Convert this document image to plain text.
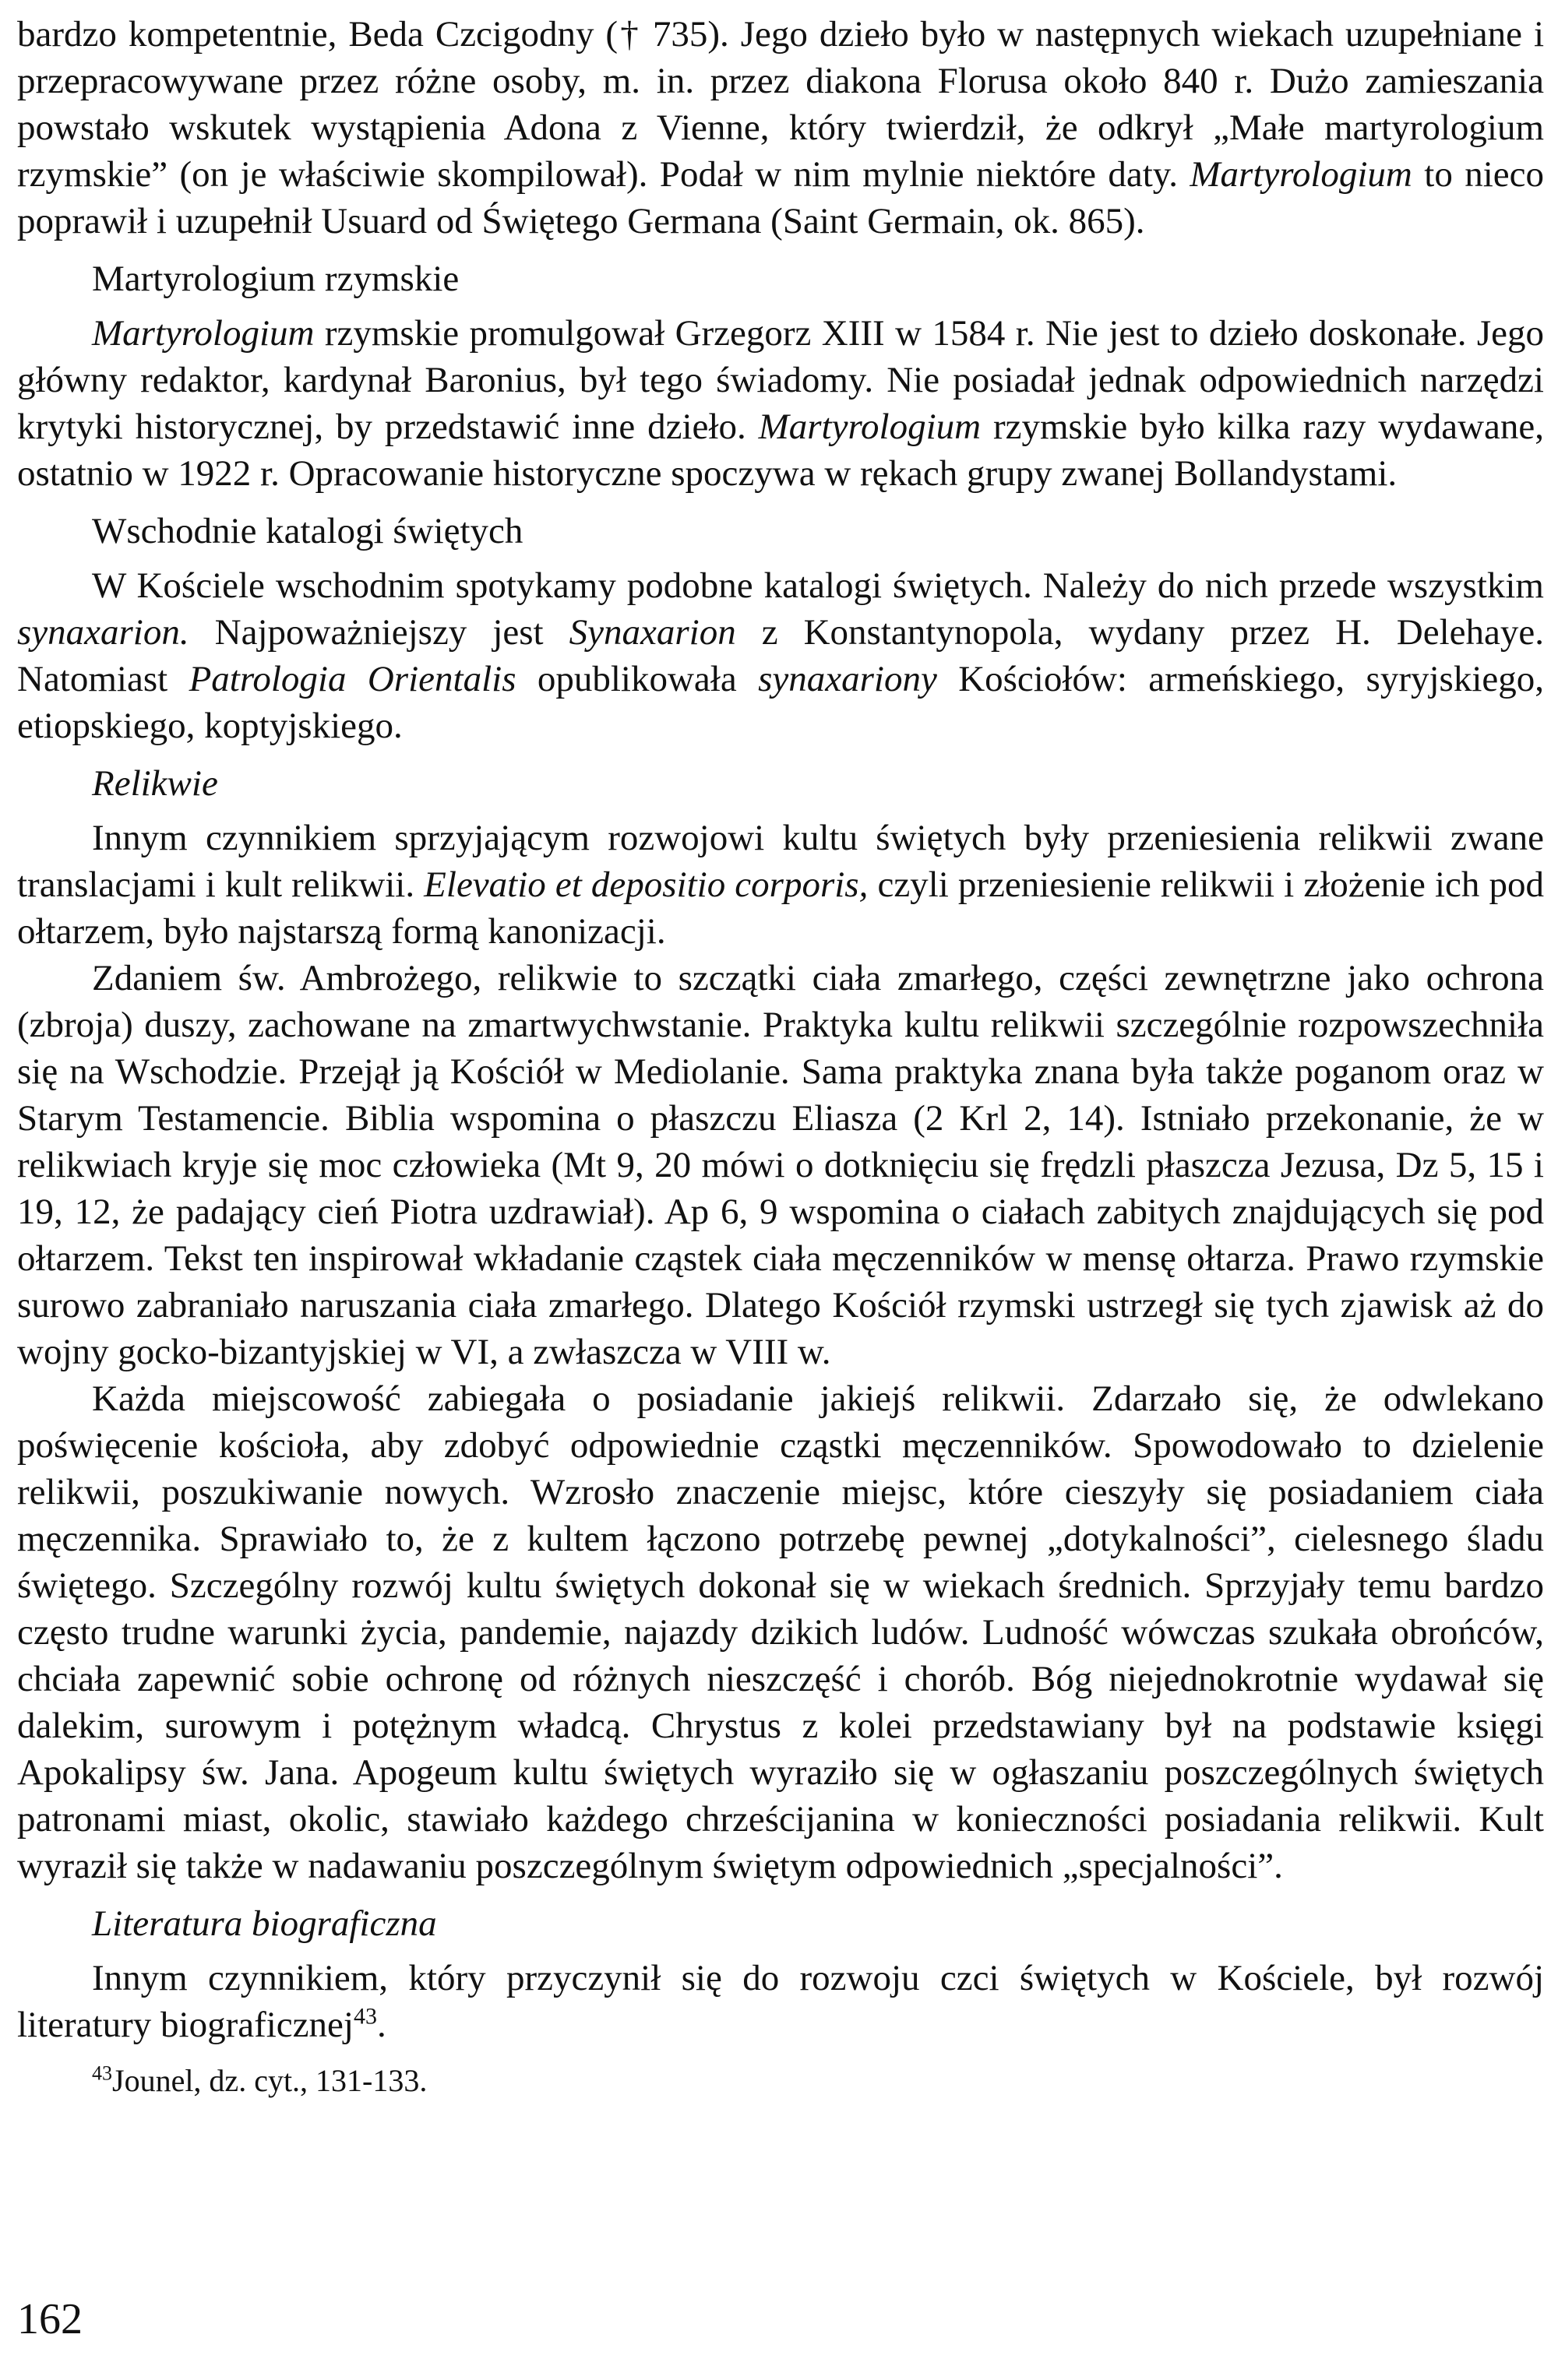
bardzo kompetentnie, Beda Czcigodny († 735). Jego dzieło było w następnych wiekach uzupełniane i przepracowywane przez różne osoby, m. in. przez diakona Florusa około 840 r. Dużo zamieszania powstało wskutek wystąpienia Adona z Vienne, który twierdził, że odkrył „Małe martyrologium rzymskie” (on je właściwie skompilował). Podał w nim mylnie niektóre daty. Martyrologium to nieco poprawił i uzupełnił Usuard od Świętego Germana (Saint Germain, ok. 865).

Martyrologium rzymskie

Martyrologium rzymskie promulgował Grzegorz XIII w 1584 r. Nie jest to dzieło doskonałe. Jego główny redaktor, kardynał Baronius, był tego świadomy. Nie posiadał jednak odpowiednich narzędzi krytyki historycznej, by przedstawić inne dzieło. Martyrologium rzymskie było kilka razy wydawane, ostatnio w 1922 r. Opracowanie historyczne spoczywa w rękach grupy zwanej Bollandystami.

Wschodnie katalogi świętych

W Kościele wschodnim spotykamy podobne katalogi świętych. Należy do nich przede wszystkim synaxarion. Najpoważniejszy jest Synaxarion z Konstantynopola, wydany przez H. Delehaye. Natomiast Patrologia Orientalis opublikowała synaxariony Kościołów: armeńskiego, syryjskiego, etiopskiego, koptyjskiego.

Relikwie

Innym czynnikiem sprzyjającym rozwojowi kultu świętych były przeniesienia relikwii zwane translacjami i kult relikwii. Elevatio et depositio corporis, czyli przeniesienie relikwii i złożenie ich pod ołtarzem, było najstarszą formą kanonizacji.

Zdaniem św. Ambrożego, relikwie to szczątki ciała zmarłego, części zewnętrzne jako ochrona (zbroja) duszy, zachowane na zmartwychwstanie. Praktyka kultu relikwii szczególnie rozpowszechniła się na Wschodzie. Przejął ją Kościół w Mediolanie. Sama praktyka znana była także poganom oraz w Starym Testamencie. Biblia wspomina o płaszczu Eliasza (2 Krl 2, 14). Istniało przekonanie, że w relikwiach kryje się moc człowieka (Mt 9, 20 mówi o dotknięciu się frędzli płaszcza Jezusa, Dz 5, 15 i 19, 12, że padający cień Piotra uzdrawiał). Ap 6, 9 wspomina o ciałach zabitych znajdujących się pod ołtarzem. Tekst ten inspirował wkładanie cząstek ciała męczenników w mensę ołtarza. Prawo rzymskie surowo zabraniało naruszania ciała zmarłego. Dlatego Kościół rzymski ustrzegł się tych zjawisk aż do wojny gocko-bizantyjskiej w VI, a zwłaszcza w VIII w.

Każda miejscowość zabiegała o posiadanie jakiejś relikwii. Zdarzało się, że odwlekano poświęcenie kościoła, aby zdobyć odpowiednie cząstki męczenników. Spowodowało to dzielenie relikwii, poszukiwanie nowych. Wzrosło znaczenie miejsc, które cieszyły się posiadaniem ciała męczennika. Sprawiało to, że z kultem łączono potrzebę pewnej „dotykalności”, cielesnego śladu świętego. Szczególny rozwój kultu świętych dokonał się w wiekach średnich. Sprzyjały temu bardzo często trudne warunki życia, pandemie, najazdy dzikich ludów. Ludność wówczas szukała obrońców, chciała zapewnić sobie ochronę od różnych nieszczęść i chorób. Bóg niejednokrotnie wydawał się dalekim, surowym i potężnym władcą. Chrystus z kolei przedstawiany był na podstawie księgi Apokalipsy św. Jana. Apogeum kultu świętych wyraziło się w ogłaszaniu poszczególnych świętych patronami miast, okolic, stawiało każdego chrześcijanina w konieczności posiadania relikwii. Kult wyraził się także w nadawaniu poszczególnym świętym odpowiednich „specjalności”.

Literatura biograficzna

Innym czynnikiem, który przyczynił się do rozwoju czci świętych w Kościele, był rozwój literatury biograficznej$^{43}$.

$^{43}$Jounel, dz. cyt., 131-133.

162
